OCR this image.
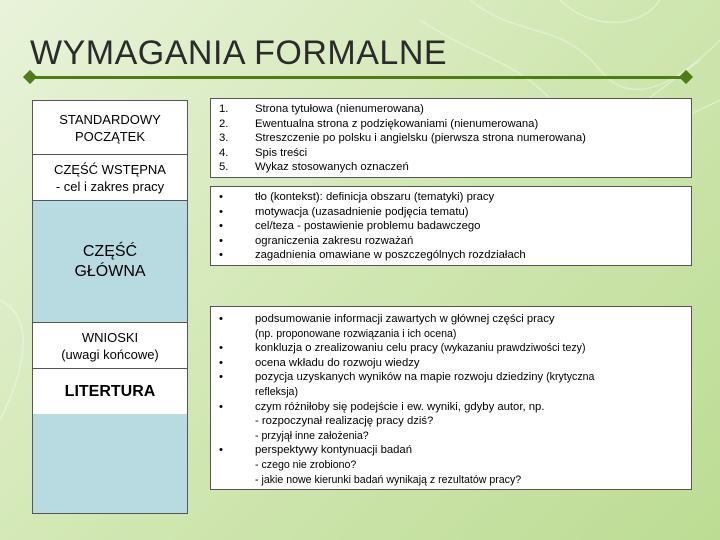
WYMAGANIA FORMALNE
STANDARDOWY POCZĄTEK
CZĘŚĆ WSTĘPNA
- cel i zakres pracy
CZĘŚĆ GŁÓWNA
WNIOSKI
(uwagi końcowe)
LITERTURA
1.	Strona tytułowa (nienumerowana)
2.	Ewentualna strona z podziękowaniami (nienumerowana)
3.	Streszczenie po polsku i angielsku (pierwsza strona numerowana)
4.	Spis treści
5.	Wykaz stosowanych oznaczeń
•	tło (kontekst): definicja obszaru (tematyki) pracy
•	motywacja (uzasadnienie podjęcia tematu)
•	cel/teza - postawienie problemu badawczego
•	ograniczenia zakresu rozważań
•	zagadnienia omawiane w poszczególnych rozdziałach
•	podsumowanie informacji zawartych w głównej części pracy
(np. proponowane rozwiązania i ich ocena)
•	konkluzja o zrealizowaniu celu pracy (wykazaniu prawdziwości tezy)
•	ocena wkładu do rozwoju wiedzy
•	pozycja uzyskanych wyników na mapie rozwoju dziedziny (krytyczna
refleksja)
•	czym różniłoby się podejście i ew. wyniki, gdyby autor, np.
- rozpoczynał realizację pracy dziś?
- przyjął inne założenia?
•	perspektywy kontynuacji badań
- czego nie zrobiono?
- jakie nowe kierunki badań wynikają z rezultatów pracy?
